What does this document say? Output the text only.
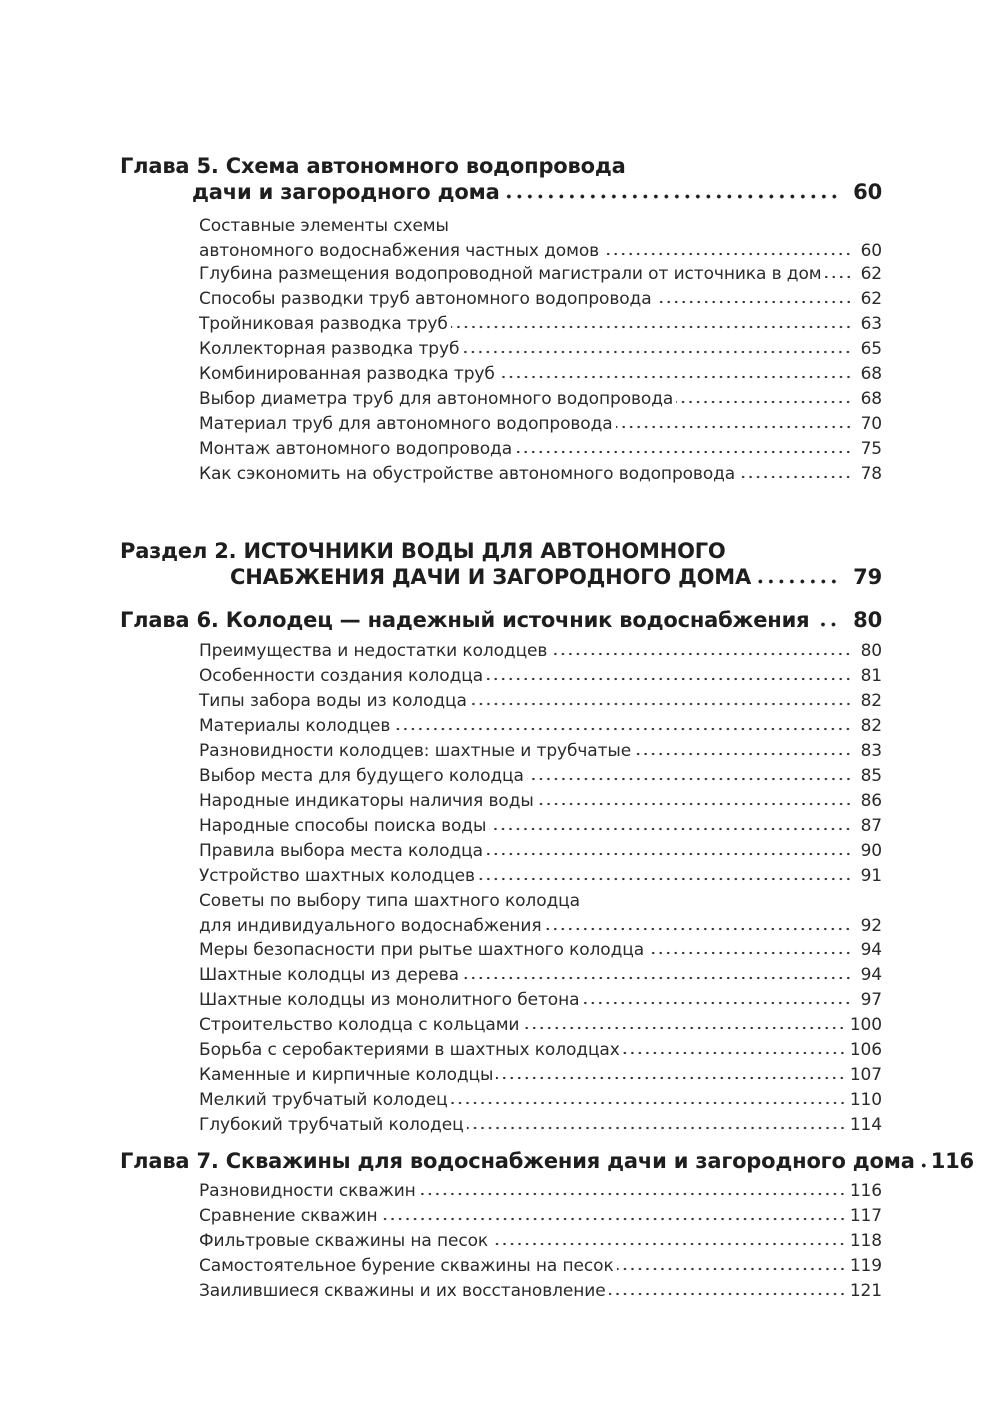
Глава 5. Схема автономного водопровода
дачи и загородного дома	60
Составные элементы схемы
автономного водоснабжения частных домов	60
Глубина размещения водопроводной магистрали от источника в дом 62
Способы разводки труб автономного водопровода	62
Тройниковая разводка труб	63
Коллекторная разводка труб	65
Комбинированная разводка труб	68
Выбор диаметра труб для автономного водопровода	68
Материал труб для автономного водопровода	70
Монтаж автономного водопровода	75
Как сэкономить на обустройстве автономного водопровода	78
Раздел 2. ИСТОЧНИКИ ВОДЫ ДЛЯ АВТОНОМНОГО
СНАБЖЕНИЯ ДАЧИ И ЗАГОРОДНОГО ДОМА	79
Глава 6. Колодец — надежный источник водоснабжения 80
Преимущества и недостатки колодцев	80
Особенности создания колодца	81
Типы забора воды из колодца	82
Материалы колодцев	82
Разновидности колодцев: шахтные и трубчатые	83
Выбор места для будущего колодца	85
Народные индикаторы наличия воды	86
Народные способы поиска воды	87
Правила выбора места колодца	90
Устройство шахтных колодцев	91
Советы по выбору типа шахтного колодца
для индивидуального водоснабжения	92
Меры безопасности при рытье шахтного колодца	94
Шахтные колодцы из дерева	94
Шахтные колодцы из монолитного бетона	97
Строительство колодца с кольцами	100
Борьба с серобактериями в шахтных колодцах	106
Каменные и кирпичные колодцы	107
Мелкий трубчатый колодец	110
Глубокий трубчатый колодец	114
Глава 7. Скважины для водоснабжения дачи и загородного дома 116
Разновидности скважин	116
Сравнение скважин	117
Фильтровые скважины на песок	118
Самостоятельное бурение скважины на песок	119
Заилившиеся скважины и их восстановление	121
